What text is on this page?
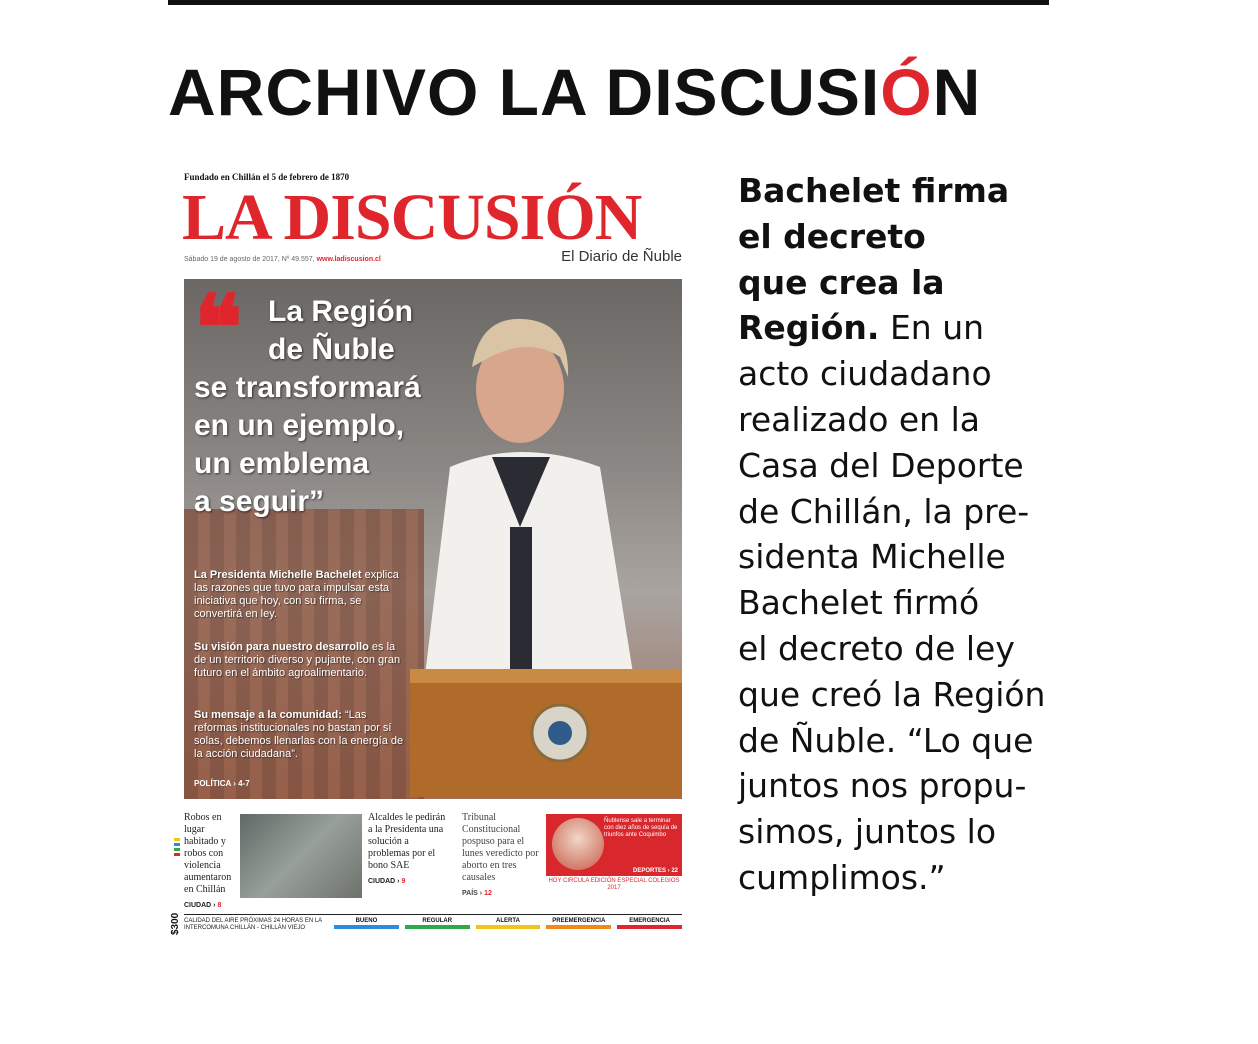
ARCHIVO LA DISCUSIÓN
Fundado en Chillán el 5 de febrero de 1870
LA DISCUSIÓN
Sábado 19 de agosto de 2017, Nº 49.557, www.ladiscusion.cl	El Diario de Ñuble
❝ La Región
de Ñuble
se transformará
en un ejemplo,
un emblema
a seguir”
La Presidenta Michelle Bachelet explica las razones que tuvo para impulsar esta iniciativa que hoy, con su firma, se convertirá en ley.
Su visión para nuestro desarrollo es la de un territorio diverso y pujante, con gran futuro en el ámbito agroalimentario.
Su mensaje a la comunidad: “Las reformas institucionales no bastan por sí solas, debemos llenarlas con la energía de la acción ciudadana”.
POLÍTICA › 4-7
Robos en lugar habitado y robos con violencia aumentaron en Chillán
CIUDAD › 8
Alcaldes le pedirán a la Presidenta una solución a problemas por el bono SAE
CIUDAD › 9
Tribunal Constitucional pospuso para el lunes veredicto por aborto en tres causales
PAÍS › 12
Ñublense sale a terminar con diez años de sequía de triunfos ante Coquimbo
DEPORTES › 22
HOY CIRCULA EDICIÓN ESPECIAL COLEGIOS 2017
$300 CALIDAD DEL AIRE PRÓXIMAS 24 HORAS EN LA INTERCOMUNA CHILLÁN - CHILLÁN VIEJO
BUENO	REGULAR	ALERTA	PREEMERGENCIA	EMERGENCIA
Bachelet firma
el decreto
que crea la
Región. En un
acto ciudadano
realizado en la
Casa del Deporte
de Chillán, la pre-
sidenta Michelle
Bachelet firmó
el decreto de ley
que creó la Región
de Ñuble. “Lo que
juntos nos propu-
simos, juntos lo
cumplimos.”
